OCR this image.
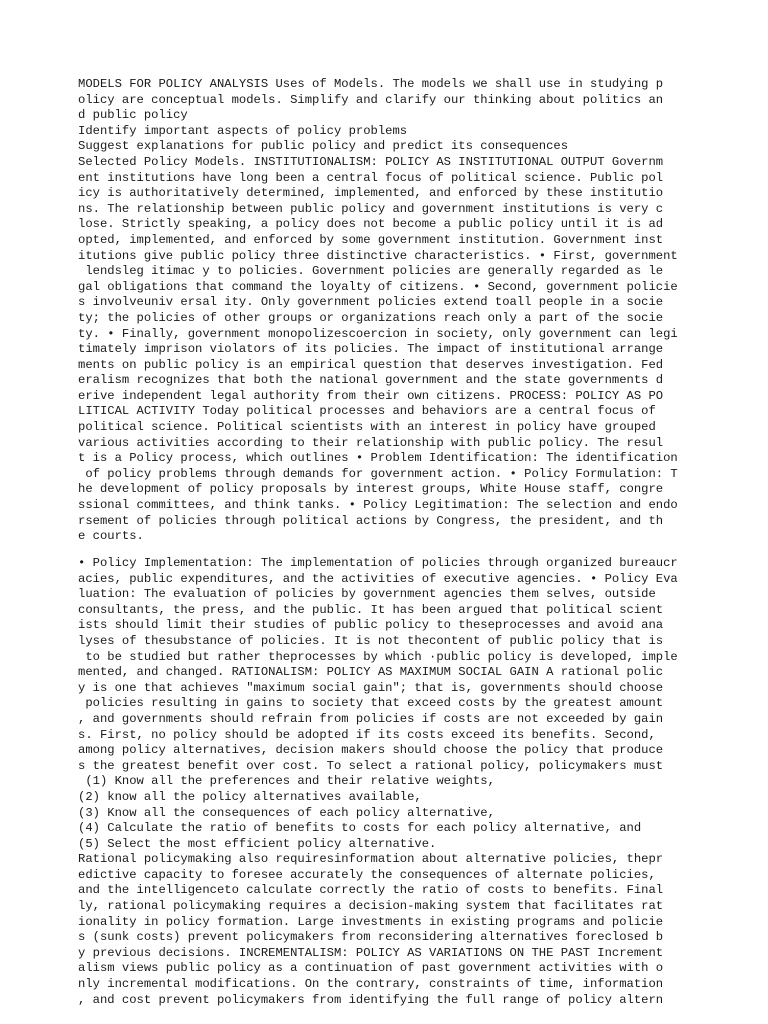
MODELS FOR POLICY ANALYSIS Uses of Models. The models we shall use in studying p
olicy are conceptual models. Simplify and clarify our thinking about politics an
d public policy
Identify important aspects of policy problems
Suggest explanations for public policy and predict its consequences
Selected Policy Models. INSTITUTIONALISM: POLICY AS INSTITUTIONAL OUTPUT Governm
ent institutions have long been a central focus of political science. Public pol
icy is authoritatively determined, implemented, and enforced by these institutio
ns. The relationship between public policy and government institutions is very c
lose. Strictly speaking, a policy does not become a public policy until it is ad
opted, implemented, and enforced by some government institution. Government inst
itutions give public policy three distinctive characteristics. • First, government
lendsleg itimac y to policies. Government policies are generally regarded as le
gal obligations that command the loyalty of citizens. • Second, government policie
s involveuniv ersal ity. Only government policies extend toall people in a socie
ty; the policies of other groups or organizations reach only a part of the socie
ty. • Finally, government monopolizescoercion in society, only government can legi
timately imprison violators of its policies. The impact of institutional arrange
ments on public policy is an empirical question that deserves investigation. Fed
eralism recognizes that both the national government and the state governments d
erive independent legal authority from their own citizens. PROCESS: POLICY AS PO
LITICAL ACTIVITY Today political processes and behaviors are a central focus of
political science. Political scientists with an interest in policy have grouped
various activities according to their relationship with public policy. The resul
t is a Policy process, which outlines • Problem Identification: The identification
of policy problems through demands for government action. • Policy Formulation: T
he development of policy proposals by interest groups, White House staff, congre
ssional committees, and think tanks. • Policy Legitimation: The selection and endo
rsement of policies through political actions by Congress, the president, and th
e courts.
• Policy Implementation: The implementation of policies through organized bureaucr
acies, public expenditures, and the activities of executive agencies. • Policy Eva
luation: The evaluation of policies by government agencies them selves, outside
consultants, the press, and the public. It has been argued that political scient
ists should limit their studies of public policy to theseprocesses and avoid ana
lyses of thesubstance of policies. It is not thecontent of public policy that is
to be studied but rather theprocesses by which ·public policy is developed, imple
mented, and changed. RATIONALISM: POLICY AS MAXIMUM SOCIAL GAIN A rational polic
y is one that achieves "maximum social gain"; that is, governments should choose
policies resulting in gains to society that exceed costs by the greatest amount
, and governments should refrain from policies if costs are not exceeded by gain
s. First, no policy should be adopted if its costs exceed its benefits. Second,
among policy alternatives, decision makers should choose the policy that produce
s the greatest benefit over cost. To select a rational policy, policymakers must
(1) Know all the preferences and their relative weights,
(2) know all the policy alternatives available,
(3) Know all the consequences of each policy alternative,
(4) Calculate the ratio of benefits to costs for each policy alternative, and
(5) Select the most efficient policy alternative.
Rational policymaking also requiresinformation about alternative policies, thepr
edictive capacity to foresee accurately the consequences of alternate policies,
and the intelligenceto calculate correctly the ratio of costs to benefits. Final
ly, rational policymaking requires a decision-making system that facilitates rat
ionality in policy formation. Large investments in existing programs and policie
s (sunk costs) prevent policymakers from reconsidering alternatives foreclosed b
y previous decisions. INCREMENTALISM: POLICY AS VARIATIONS ON THE PAST Increment
alism views public policy as a continuation of past government activities with o
nly incremental modifications. On the contrary, constraints of time, information
, and cost prevent policymakers from identifying the full range of policy altern
